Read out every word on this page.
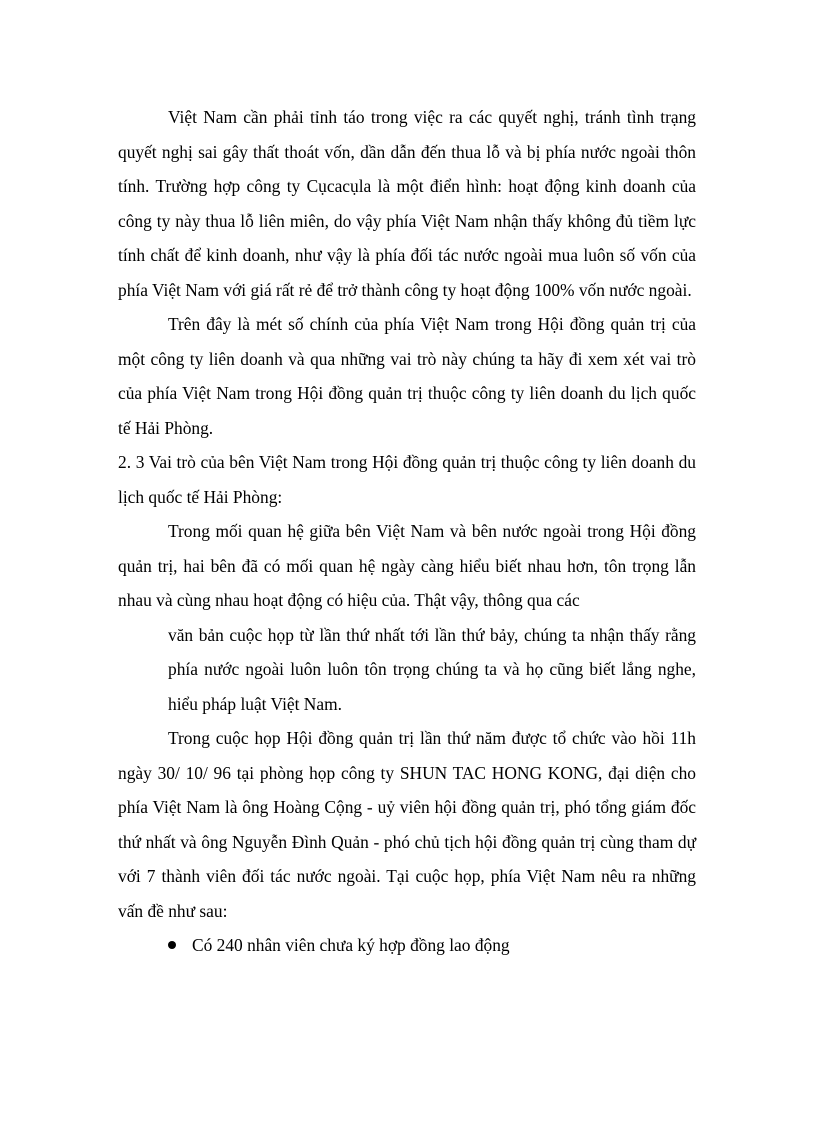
Việt Nam cần phải tỉnh táo trong việc ra các quyết nghị, tránh tình trạng quyết nghị sai gây thất thoát vốn, dần dẫn đến thua lỗ và bị phía nước ngoài thôn tính. Trường hợp công ty Cụcacụla là một điển hình: hoạt động kinh doanh của công ty này thua lỗ liên miên, do vậy phía Việt Nam nhận thấy không đủ tiềm lực tính chất để kinh doanh, như vậy là phía đối tác nước ngoài mua luôn số vốn của phía Việt Nam với giá rất rẻ để trở thành công ty hoạt động 100% vốn nước ngoài.

Trên đây là mét số chính của phía Việt Nam trong Hội đồng quản trị của một công ty liên doanh và qua những vai trò này chúng ta hãy đi xem xét vai trò của phía Việt Nam trong Hội đồng quản trị thuộc công ty liên doanh du lịch quốc tế Hải Phòng.

2. 3 Vai trò của bên Việt Nam trong Hội đồng quản trị thuộc công ty liên doanh du lịch quốc tế Hải Phòng:

Trong mối quan hệ giữa bên Việt Nam và bên nước ngoài trong Hội đồng quản trị, hai bên đã có mối quan hệ ngày càng hiểu biết nhau hơn, tôn trọng lẫn nhau và cùng nhau hoạt động có hiệu của. Thật vậy, thông qua các

văn bản cuộc họp từ lần thứ nhất tới lần thứ bảy, chúng ta nhận thấy rằng phía nước ngoài luôn luôn tôn trọng chúng ta và họ cũng biết lắng nghe, hiểu pháp luật Việt Nam.

Trong cuộc họp Hội đồng quản trị lần thứ năm được tổ chức vào hồi 11h ngày 30/ 10/ 96 tại phòng họp công ty SHUN TAC HONG KONG, đại diện cho phía Việt Nam là ông Hoàng Cộng - uỷ viên hội đồng quản trị, phó tổng giám đốc thứ nhất và ông Nguyễn Đình Quản - phó chủ tịch hội đồng quản trị cùng tham dự với 7 thành viên đối tác nước ngoài. Tại cuộc họp, phía Việt Nam nêu ra những vấn đề như sau:

Có 240 nhân viên chưa ký hợp đồng lao động
